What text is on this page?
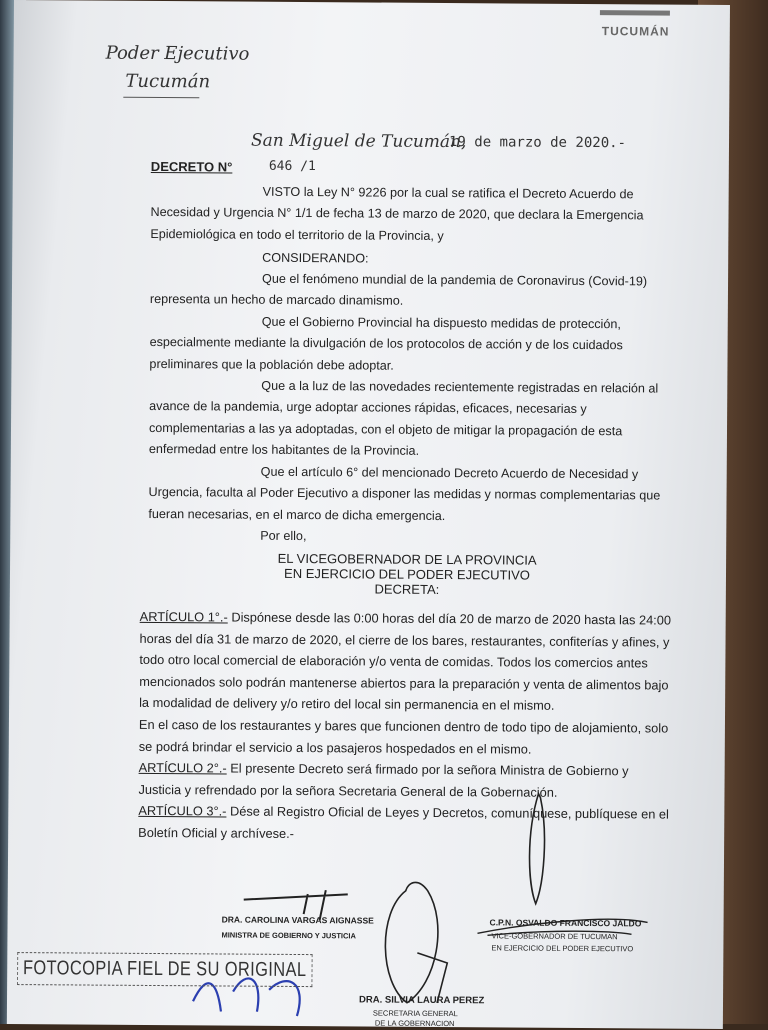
TUCUMÁN
Poder Ejecutivo
Tucumán
San Miguel de Tucumán,
19 de marzo de 2020.-
DECRETO N°	646 /1
VISTO la Ley N° 9226 por la cual se ratifica el Decreto Acuerdo de
Necesidad y Urgencia N° 1/1 de fecha 13 de marzo de 2020, que declara la Emergencia
Epidemiológica en todo el territorio de la Provincia, y
CONSIDERANDO:
Que el fenómeno mundial de la pandemia de Coronavirus (Covid-19)
representa un hecho de marcado dinamismo.
Que el Gobierno Provincial ha dispuesto medidas de protección,
especialmente mediante la divulgación de los protocolos de acción y de los cuidados
preliminares que la población debe adoptar.
Que a la luz de las novedades recientemente registradas en relación al
avance de la pandemia, urge adoptar acciones rápidas, eficaces, necesarias y
complementarias a las ya adoptadas, con el objeto de mitigar la propagación de esta
enfermedad entre los habitantes de la Provincia.
Que el artículo 6° del mencionado Decreto Acuerdo de Necesidad y
Urgencia, faculta al Poder Ejecutivo a disponer las medidas y normas complementarias que
fueran necesarias, en el marco de dicha emergencia.
Por ello,
EL VICEGOBERNADOR DE LA PROVINCIA
EN EJERCICIO DEL PODER EJECUTIVO
DECRETA:
ARTÍCULO 1°.- Dispónese desde las 0:00 horas del día 20 de marzo de 2020 hasta las 24:00
horas del día 31 de marzo de 2020, el cierre de los bares, restaurantes, confiterías y afines, y
todo otro local comercial de elaboración y/o venta de comidas. Todos los comercios antes
mencionados solo podrán mantenerse abiertos para la preparación y venta de alimentos bajo
la modalidad de delivery y/o retiro del local sin permanencia en el mismo.
En el caso de los restaurantes y bares que funcionen dentro de todo tipo de alojamiento, solo
se podrá brindar el servicio a los pasajeros hospedados en el mismo.
ARTÍCULO 2°.- El presente Decreto será firmado por la señora Ministra de Gobierno y
Justicia y refrendado por la señora Secretaria General de la Gobernación.
ARTÍCULO 3°.- Dése al Registro Oficial de Leyes y Decretos, comuníquese, publíquese en el
Boletín Oficial y archívese.-
DRA. CAROLINA VARGAS AIGNASSE
MINISTRA DE GOBIERNO Y JUSTICIA
C.P.N. OSVALDO FRANCISCO JALDO
VICE-GOBERNADOR DE TUCUMAN
EN EJERCICIO DEL PODER EJECUTIVO
DRA. SILVIA LAURA PEREZ
SECRETARIA GENERAL
DE LA GOBERNACION
FOTOCOPIA FIEL DE SU ORIGINAL
